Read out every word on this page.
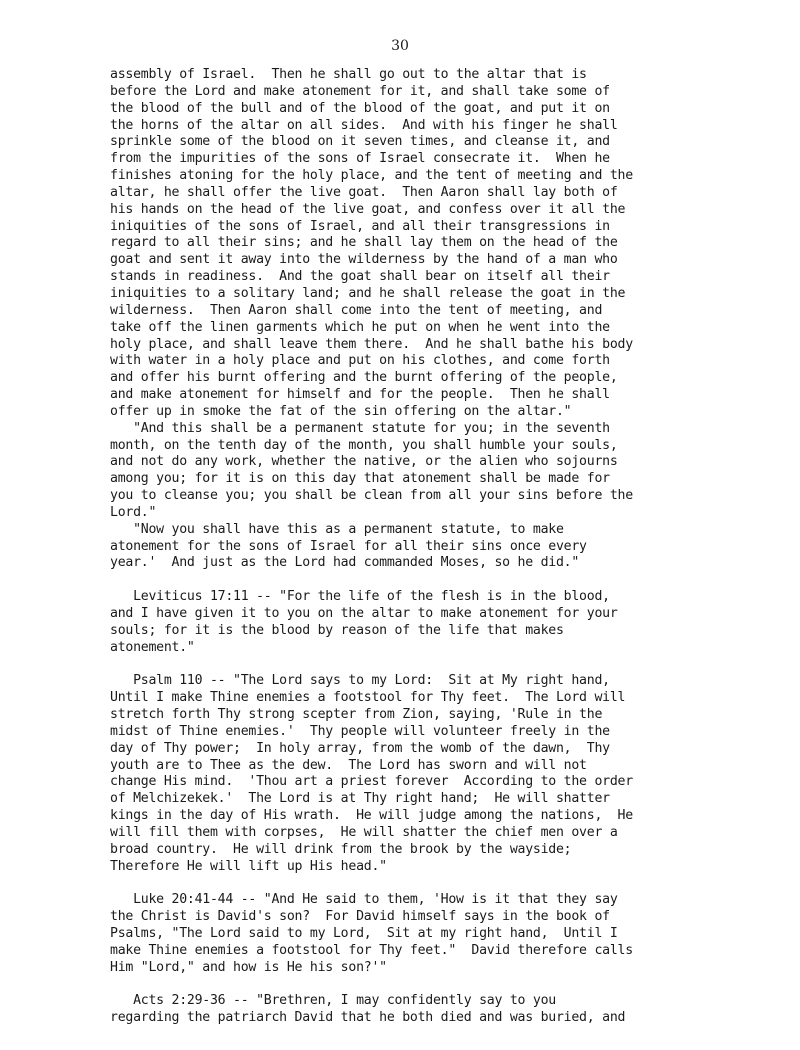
30
assembly of Israel.  Then he shall go out to the altar that is
before the Lord and make atonement for it, and shall take some of
the blood of the bull and of the blood of the goat, and put it on
the horns of the altar on all sides.  And with his finger he shall
sprinkle some of the blood on it seven times, and cleanse it, and
from the impurities of the sons of Israel consecrate it.  When he
finishes atoning for the holy place, and the tent of meeting and the
altar, he shall offer the live goat.  Then Aaron shall lay both of
his hands on the head of the live goat, and confess over it all the
iniquities of the sons of Israel, and all their transgressions in
regard to all their sins; and he shall lay them on the head of the
goat and sent it away into the wilderness by the hand of a man who
stands in readiness.  And the goat shall bear on itself all their
iniquities to a solitary land; and he shall release the goat in the
wilderness.  Then Aaron shall come into the tent of meeting, and
take off the linen garments which he put on when he went into the
holy place, and shall leave them there.  And he shall bathe his body
with water in a holy place and put on his clothes, and come forth
and offer his burnt offering and the burnt offering of the people,
and make atonement for himself and for the people.  Then he shall
offer up in smoke the fat of the sin offering on the altar."
"And this shall be a permanent statute for you; in the seventh
month, on the tenth day of the month, you shall humble your souls,
and not do any work, whether the native, or the alien who sojourns
among you; for it is on this day that atonement shall be made for
you to cleanse you; you shall be clean from all your sins before the
Lord."
"Now you shall have this as a permanent statute, to make
atonement for the sons of Israel for all their sins once every
year.'  And just as the Lord had commanded Moses, so he did."
Leviticus 17:11 -- "For the life of the flesh is in the blood,
and I have given it to you on the altar to make atonement for your
souls; for it is the blood by reason of the life that makes
atonement."
Psalm 110 -- "The Lord says to my Lord:  Sit at My right hand,
Until I make Thine enemies a footstool for Thy feet.  The Lord will
stretch forth Thy strong scepter from Zion, saying, 'Rule in the
midst of Thine enemies.'  Thy people will volunteer freely in the
day of Thy power;  In holy array, from the womb of the dawn,  Thy
youth are to Thee as the dew.  The Lord has sworn and will not
change His mind.  'Thou art a priest forever  According to the order
of Melchizekek.'  The Lord is at Thy right hand;  He will shatter
kings in the day of His wrath.  He will judge among the nations,  He
will fill them with corpses,  He will shatter the chief men over a
broad country.  He will drink from the brook by the wayside;
Therefore He will lift up His head."
Luke 20:41-44 -- "And He said to them, 'How is it that they say
the Christ is David's son?  For David himself says in the book of
Psalms, "The Lord said to my Lord,  Sit at my right hand,  Until I
make Thine enemies a footstool for Thy feet."  David therefore calls
Him "Lord," and how is He his son?'"
Acts 2:29-36 -- "Brethren, I may confidently say to you
regarding the patriarch David that he both died and was buried, and
